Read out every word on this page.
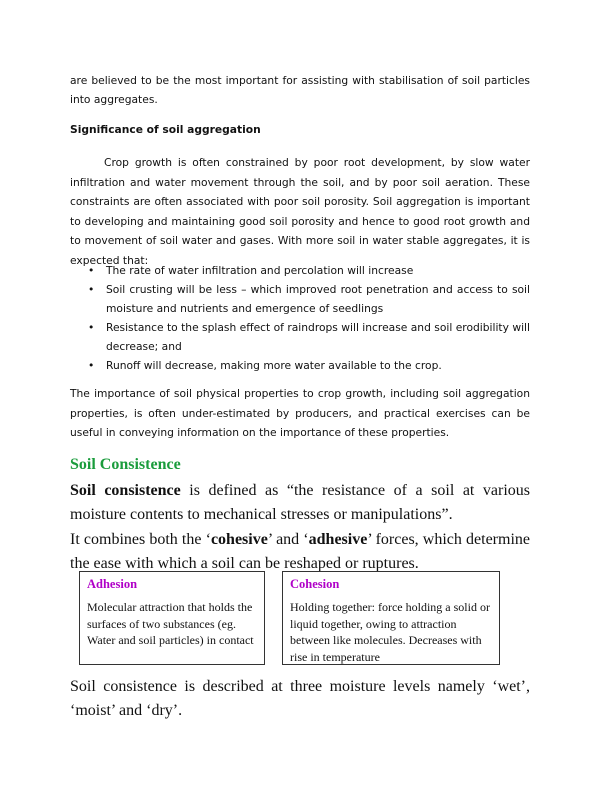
are believed to be the most important for assisting with stabilisation of soil particles into aggregates.

Significance of soil aggregation

Crop growth is often constrained by poor root development, by slow water infiltration and water movement through the soil, and by poor soil aeration. These constraints are often associated with poor soil porosity. Soil aggregation is important to developing and maintaining good soil porosity and hence to good root growth and to movement of soil water and gases. With more soil in water stable aggregates, it is expected that:

• The rate of water infiltration and percolation will increase
• Soil crusting will be less – which improved root penetration and access to soil moisture and nutrients and emergence of seedlings
• Resistance to the splash effect of raindrops will increase and soil erodibility will decrease; and
• Runoff will decrease, making more water available to the crop.

The importance of soil physical properties to crop growth, including soil aggregation properties, is often under-estimated by producers, and practical exercises can be useful in conveying information on the importance of these properties.

Soil Consistence

Soil consistence is defined as “the resistance of a soil at various moisture contents to mechanical stresses or manipulations”.

It combines both the ‘cohesive’ and ‘adhesive’ forces, which determine the ease with which a soil can be reshaped or ruptures.

Adhesion
Molecular attraction that holds the surfaces of two substances (eg. Water and soil particles) in contact
Cohesion
Holding together: force holding a solid or liquid together, owing to attraction between like molecules. Decreases with rise in temperature

Soil consistence is described at three moisture levels namely ‘wet’, ‘moist’ and ‘dry’.
